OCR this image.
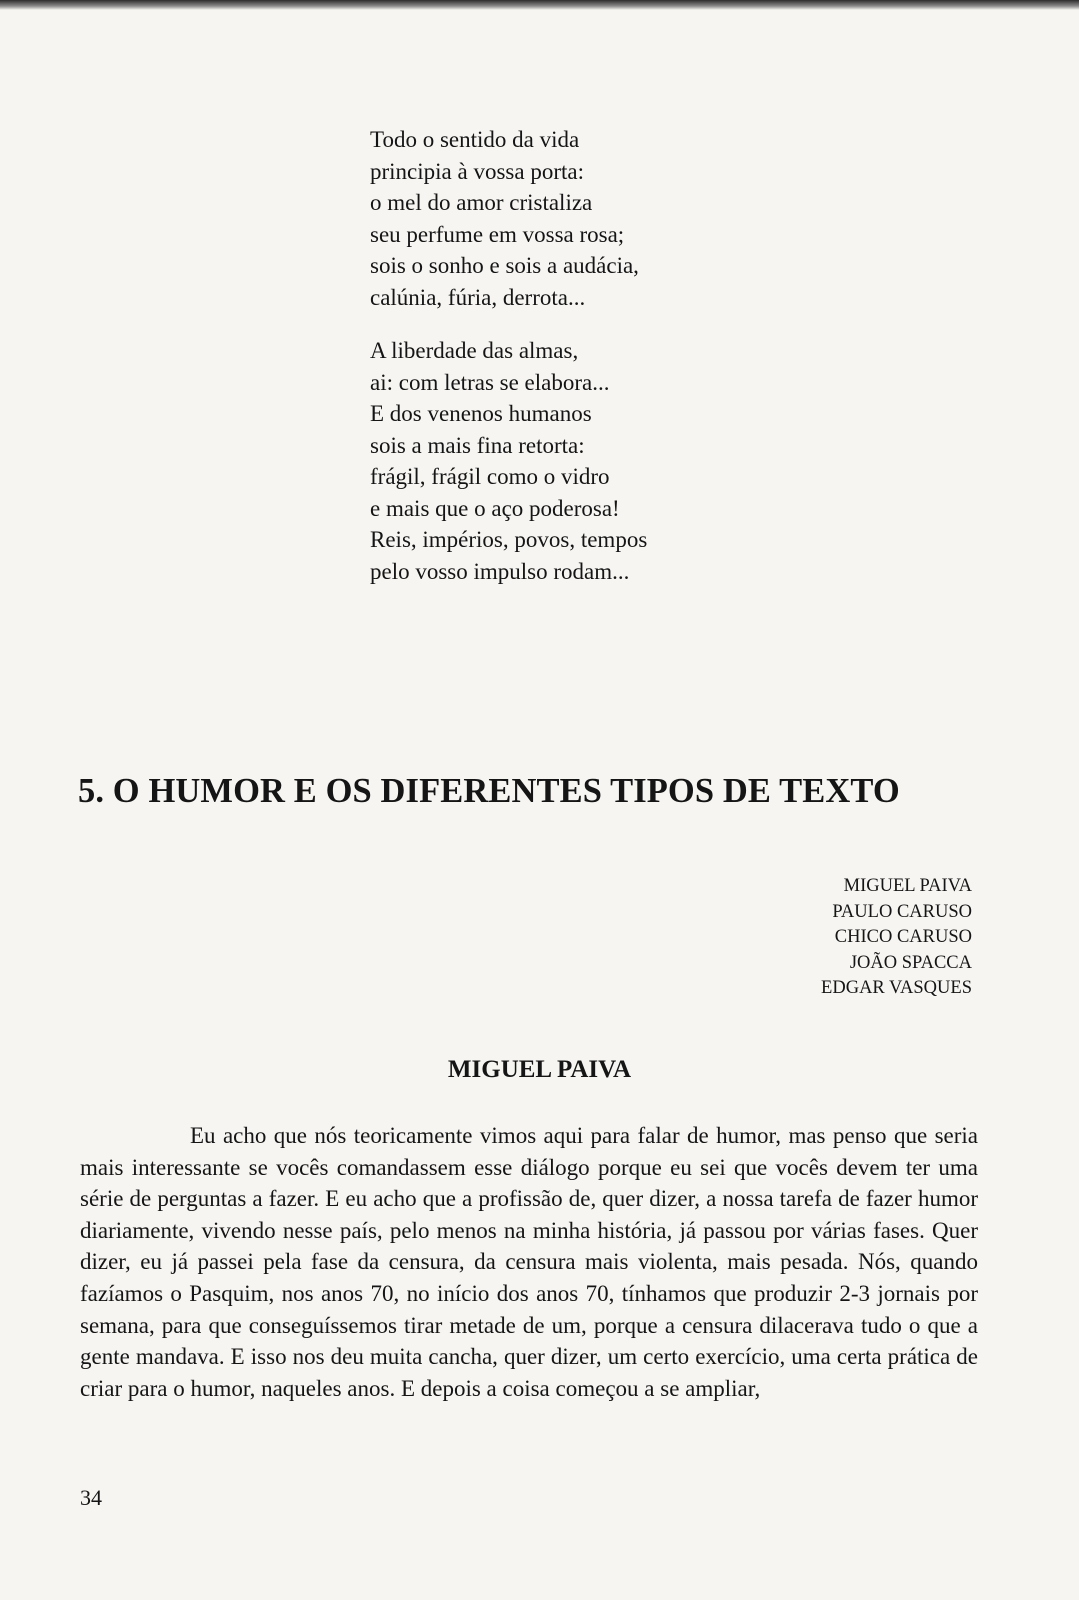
Todo o sentido da vida
principia à vossa porta:
o mel do amor cristaliza
seu perfume em vossa rosa;
sois o sonho e sois a audácia,
calúnia, fúria, derrota...
A liberdade das almas,
ai: com letras se elabora...
E dos venenos humanos
sois a mais fina retorta:
frágil, frágil como o vidro
e mais que o aço poderosa!
Reis, impérios, povos, tempos
pelo vosso impulso rodam...
5. O HUMOR E OS DIFERENTES TIPOS DE TEXTO
MIGUEL PAIVA
PAULO CARUSO
CHICO CARUSO
JOÃO SPACCA
EDGAR VASQUES
MIGUEL PAIVA

Eu acho que nós teoricamente vimos aqui para falar de humor, mas penso que seria mais interessante se vocês comandassem esse diálogo porque eu sei que vocês devem ter uma série de perguntas a fazer. E eu acho que a profissão de, quer dizer, a nossa tarefa de fazer humor diariamente, vivendo nesse país, pelo menos na minha história, já passou por várias fases. Quer dizer, eu já passei pela fase da censura, da censura mais violenta, mais pesada. Nós, quando fazíamos o Pasquim, nos anos 70, no início dos anos 70, tínhamos que produzir 2-3 jornais por semana, para que conseguíssemos tirar metade de um, porque a censura dilacerava tudo o que a gente mandava. E isso nos deu muita cancha, quer dizer, um certo exercício, uma certa prática de criar para o humor, naqueles anos. E depois a coisa começou a se ampliar,

34
